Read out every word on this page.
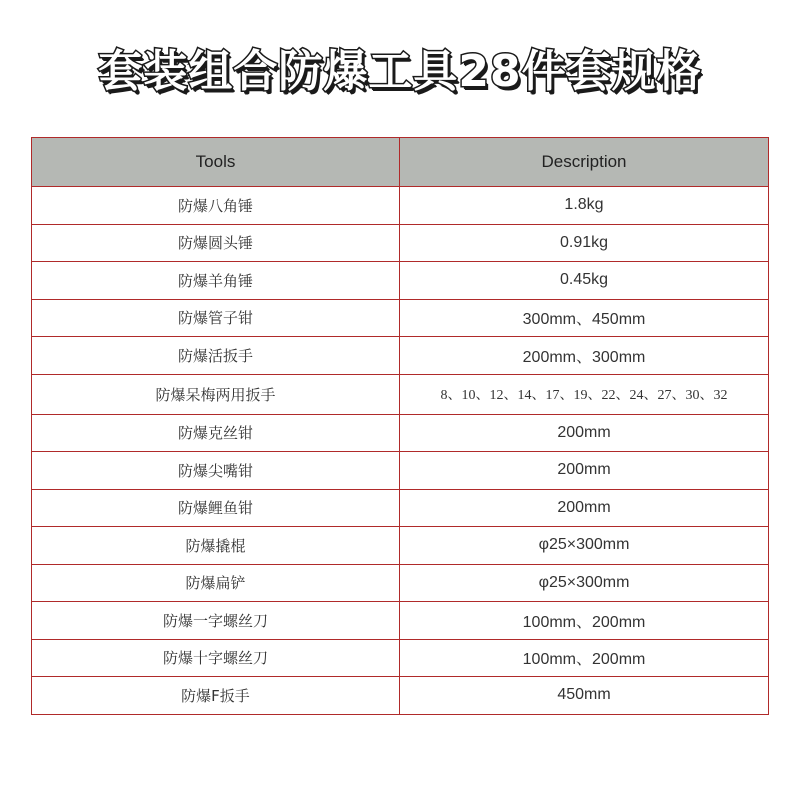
套装组合防爆工具28件套规格
Tools	Description
防爆八角锤	1.8kg
防爆圆头锤	0.91kg
防爆羊角锤	0.45kg
防爆管子钳	300mm、450mm
防爆活扳手	200mm、300mm
防爆呆梅两用扳手	8、10、12、14、17、19、22、24、27、30、32
防爆克丝钳	200mm
防爆尖嘴钳	200mm
防爆鲤鱼钳	200mm
防爆撬棍	φ25×300mm
防爆扁铲	φ25×300mm
防爆一字螺丝刀	100mm、200mm
防爆十字螺丝刀	100mm、200mm
防爆F扳手	450mm
